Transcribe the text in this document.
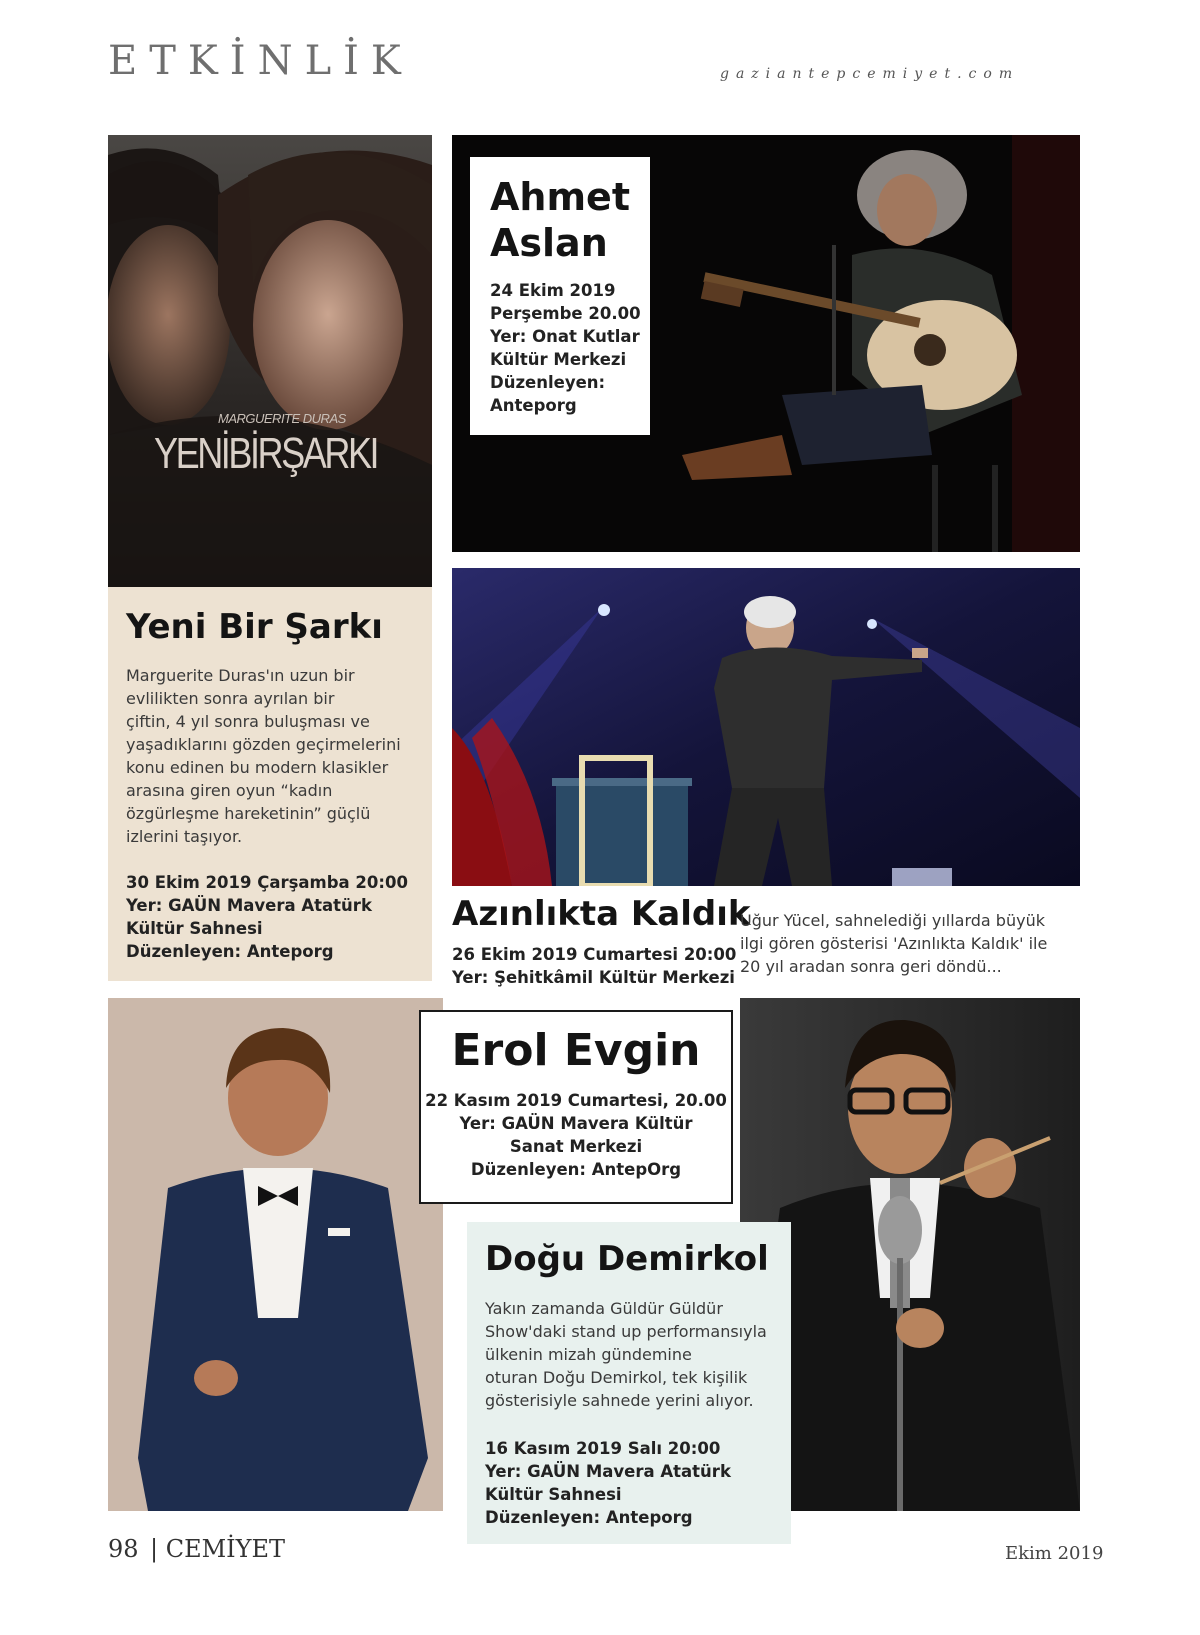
ETKİNLİK	gaziantepcemiyet.com
MARGUERITE DURAS
YENİBİRŞARKI
Yeni Bir Şarkı
Marguerite Duras'ın uzun bir
evlilikten sonra ayrılan bir
çiftin, 4 yıl sonra buluşması ve
yaşadıklarını gözden geçirmelerini
konu edinen bu modern klasikler
arasına giren oyun “kadın
özgürleşme hareketinin” güçlü
izlerini taşıyor.
30 Ekim 2019 Çarşamba 20:00
Yer: GAÜN Mavera Atatürk
Kültür Sahnesi
Düzenleyen: Anteporg
Ahmet
Aslan
24 Ekim 2019
Perşembe 20.00
Yer: Onat Kutlar
Kültür Merkezi
Düzenleyen:
Anteporg
Azınlıkta Kaldık
26 Ekim 2019 Cumartesi 20:00
Yer: Şehitkâmil Kültür Merkezi
Uğur Yücel, sahnelediği yıllarda büyük
ilgi gören gösterisi 'Azınlıkta Kaldık' ile
20 yıl aradan sonra geri döndü...
Erol Evgin
22 Kasım 2019 Cumartesi, 20.00
Yer: GAÜN Mavera Kültür
Sanat Merkezi
Düzenleyen: AntepOrg
Doğu Demirkol
Yakın zamanda Güldür Güldür
Show'daki stand up performansıyla
ülkenin mizah gündemine
oturan Doğu Demirkol, tek kişilik
gösterisiyle sahnede yerini alıyor.
16 Kasım 2019 Salı 20:00
Yer: GAÜN Mavera Atatürk
Kültür Sahnesi
Düzenleyen: Anteporg
98 | CEMİYET	Ekim 2019
